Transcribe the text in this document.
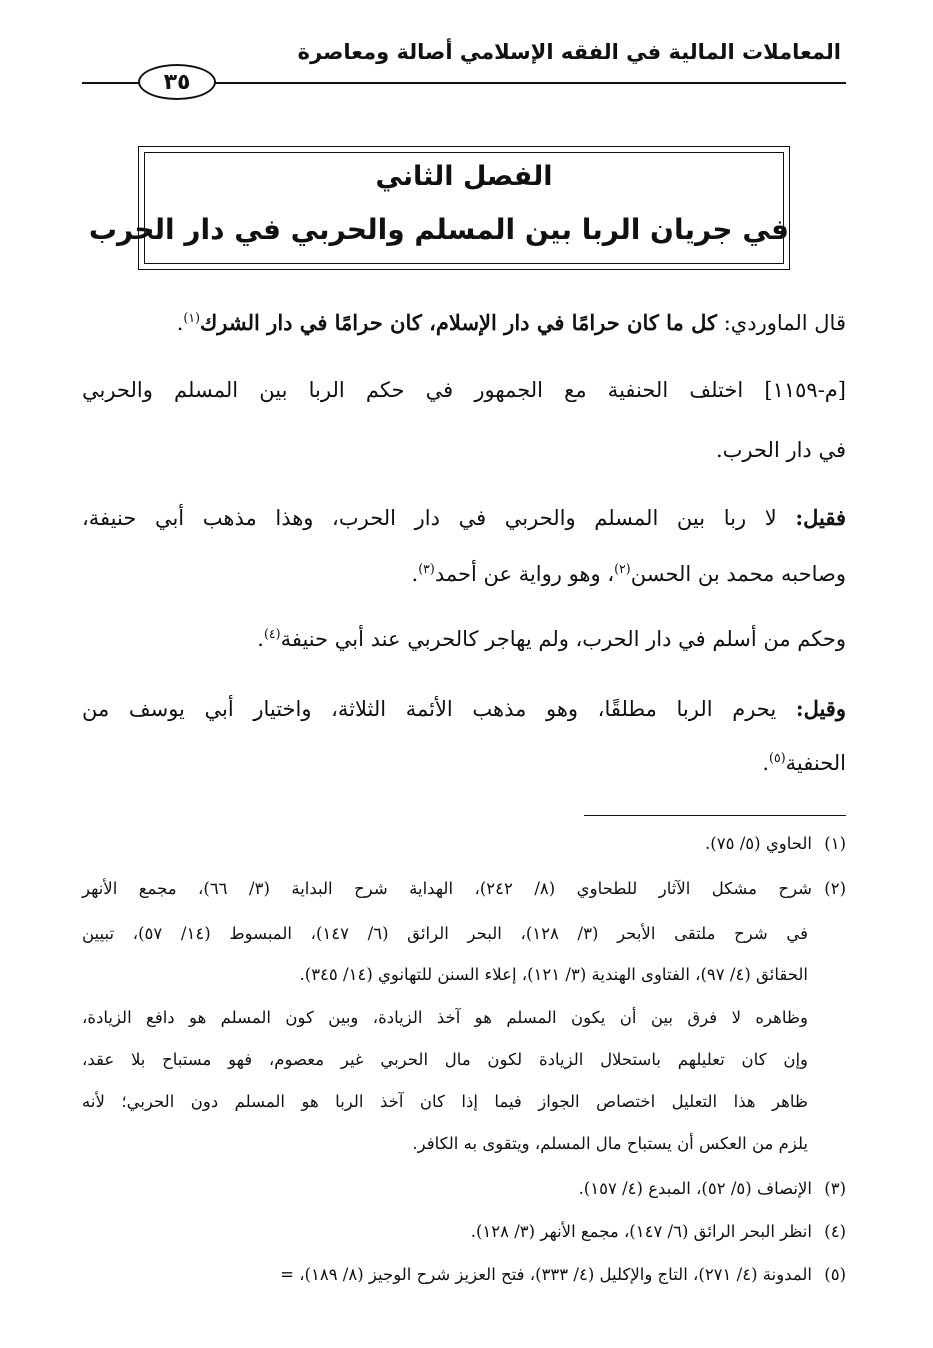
المعاملات المالية في الفقه الإسلامي أصالة ومعاصرة
٣٥
الفصل الثاني
في جريان الربا بين المسلم والحربي في دار الحرب
قال الماوردي: كل ما كان حرامًا في دار الإسلام، كان حرامًا في دار الشرك$^{(١)}$.
[م-١١٥٩] اختلف الحنفية مع الجمهور في حكم الربا بين المسلم والحربي
في دار الحرب.
فقيل: لا ربا بين المسلم والحربي في دار الحرب، وهذا مذهب أبي حنيفة،
وصاحبه محمد بن الحسن$^{(٢)}$، وهو رواية عن أحمد$^{(٣)}$.
وحكم من أسلم في دار الحرب، ولم يهاجر كالحربي عند أبي حنيفة$^{(٤)}$.
وقيل: يحرم الربا مطلقًا، وهو مذهب الأئمة الثلاثة، واختيار أبي يوسف من
الحنفية$^{(٥)}$.
(١)الحاوي (٥/ ٧٥).
(٢)شرح مشكل الآثار للطحاوي (٨/ ٢٤٢)، الهداية شرح البداية (٣/ ٦٦)، مجمع الأنهر
في شرح ملتقى الأبحر (٣/ ١٢٨)، البحر الرائق (٦/ ١٤٧)، المبسوط (١٤/ ٥٧)، تبيين
الحقائق (٤/ ٩٧)، الفتاوى الهندية (٣/ ١٢١)، إعلاء السنن للتهانوي (١٤/ ٣٤٥).
وظاهره لا فرق بين أن يكون المسلم هو آخذ الزيادة، وبين كون المسلم هو دافع الزيادة،
وإن كان تعليلهم باستحلال الزيادة لكون مال الحربي غير معصوم، فهو مستباح بلا عقد،
ظاهر هذا التعليل اختصاص الجواز فيما إذا كان آخذ الربا هو المسلم دون الحربي؛ لأنه
يلزم من العكس أن يستباح مال المسلم، ويتقوى به الكافر.
(٣)الإنصاف (٥/ ٥٢)، المبدع (٤/ ١٥٧).
(٤)انظر البحر الرائق (٦/ ١٤٧)، مجمع الأنهر (٣/ ١٢٨).
(٥)المدونة (٤/ ٢٧١)، التاج والإكليل (٤/ ٣٣٣)، فتح العزيز شرح الوجيز (٨/ ١٨٩)، =
